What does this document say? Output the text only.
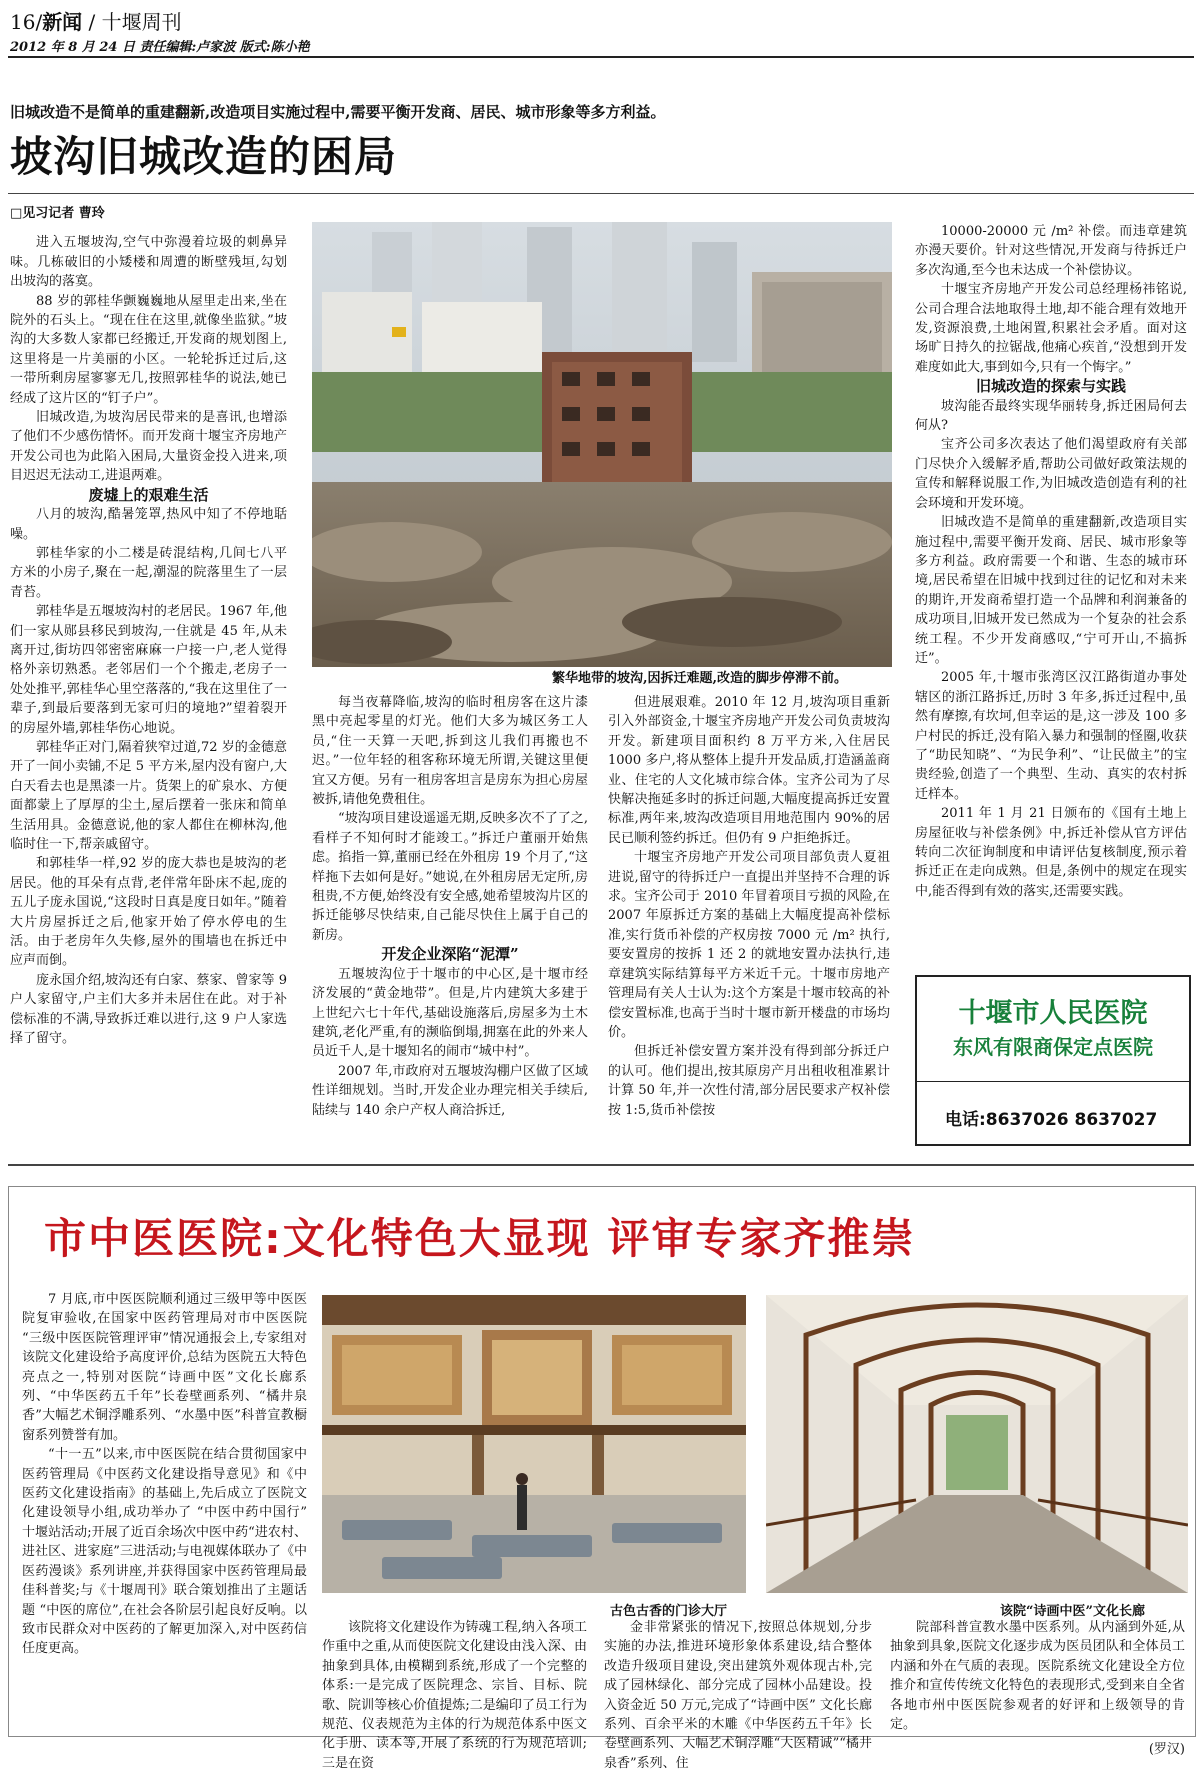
16/新闻 / 十堰周刊
2012 年 8 月 24 日 责任编辑:卢家波 版式:陈小艳
旧城改造不是简单的重建翻新,改造项目实施过程中,需要平衡开发商、居民、城市形象等多方利益。
坡沟旧城改造的困局

□见习记者 曹玲

进入五堰坡沟,空气中弥漫着垃圾的刺鼻异味。几栋破旧的小矮楼和周遭的断壁残垣,勾划出坡沟的落寞。

88 岁的郭桂华颤巍巍地从屋里走出来,坐在院外的石头上。“现在住在这里,就像坐监狱。”坡沟的大多数人家都已经搬迁,开发商的规划图上,这里将是一片美丽的小区。一轮轮拆迁过后,这一带所剩房屋寥寥无几,按照郭桂华的说法,她已经成了这片区的“钉子户”。

旧城改造,为坡沟居民带来的是喜讯,也增添了他们不少感伤情怀。而开发商十堰宝齐房地产开发公司也为此陷入困局,大量资金投入进来,项目迟迟无法动工,进退两难。

废墟上的艰难生活

八月的坡沟,酷暑笼罩,热风中知了不停地聒噪。

郭桂华家的小二楼是砖混结构,几间七八平方米的小房子,聚在一起,潮湿的院落里生了一层青苔。

郭桂华是五堰坡沟村的老居民。1967 年,他们一家从郧县移民到坡沟,一住就是 45 年,从未离开过,街坊四邻密密麻麻一户接一户,老人觉得格外亲切熟悉。老邻居们一个个搬走,老房子一处处推平,郭桂华心里空落落的,“我在这里住了一辈子,到最后要落到无家可归的境地?”望着裂开的房屋外墙,郭桂华伤心地说。

郭桂华正对门,隔着狭窄过道,72 岁的金德意开了一间小卖铺,不足 5 平方米,屋内没有窗户,大白天看去也是黑漆一片。货架上的矿泉水、方便面都蒙上了厚厚的尘土,屋后摆着一张床和简单生活用具。金德意说,他的家人都住在柳林沟,他临时住一下,帮亲戚留守。

和郭桂华一样,92 岁的庞大恭也是坡沟的老居民。他的耳朵有点背,老伴常年卧床不起,庞的五儿子庞永国说,“这段时日真是度日如年。”随着大片房屋拆迁之后,他家开始了停水停电的生活。由于老房年久失修,屋外的围墙也在拆迁中应声而倒。

庞永国介绍,坡沟还有白家、蔡家、曾家等 9 户人家留守,户主们大多并未居住在此。对于补偿标准的不满,导致拆迁难以进行,这 9 户人家选择了留守。

繁华地带的坡沟,因拆迁难题,改造的脚步停滞不前。

每当夜幕降临,坡沟的临时租房客在这片漆黑中亮起零星的灯光。他们大多为城区务工人员,“住一天算一天吧,拆到这儿我们再搬也不迟。”一位年轻的租客称环境无所谓,关键这里便宜又方便。另有一租房客坦言是房东为担心房屋被拆,请他免费租住。

“坡沟项目建设遥遥无期,反映多次不了了之,看样子不知何时才能竣工。”拆迁户董丽开始焦虑。掐指一算,董丽已经在外租房 19 个月了,“这样拖下去如何是好。”她说,在外租房居无定所,房租贵,不方便,始终没有安全感,她希望坡沟片区的拆迁能够尽快结束,自己能尽快住上属于自己的新房。

开发企业深陷“泥潭”

五堰坡沟位于十堰市的中心区,是十堰市经济发展的“黄金地带”。但是,片内建筑大多建于上世纪六七十年代,基础设施落后,房屋多为土木建筑,老化严重,有的濒临倒塌,拥塞在此的外来人员近千人,是十堰知名的闹市“城中村”。

2007 年,市政府对五堰坡沟棚户区做了区域性详细规划。当时,开发企业办理完相关手续后,陆续与 140 余户产权人商洽拆迁,

但进展艰难。2010 年 12 月,坡沟项目重新引入外部资金,十堰宝齐房地产开发公司负责坡沟开发。新建项目面积约 8 万平方米,入住居民 1000 多户,将从整体上提升开发品质,打造涵盖商业、住宅的人文化城市综合体。宝齐公司为了尽快解决拖延多时的拆迁问题,大幅度提高拆迁安置标准,两年来,坡沟改造项目用地范围内 90%的居民已顺利签约拆迁。但仍有 9 户拒绝拆迁。

十堰宝齐房地产开发公司项目部负责人夏祖进说,留守的待拆迁户一直提出并坚持不合理的诉求。宝齐公司于 2010 年冒着项目亏损的风险,在 2007 年原拆迁方案的基础上大幅度提高补偿标准,实行货币补偿的产权房按 7000 元 /m² 执行,要安置房的按拆 1 还 2 的就地安置办法执行,违章建筑实际结算每平方米近千元。十堰市房地产管理局有关人士认为:这个方案是十堰市较高的补偿安置标准,也高于当时十堰市新开楼盘的市场均价。

但拆迁补偿安置方案并没有得到部分拆迁户的认可。他们提出,按其原房产月出租收租准累计计算 50 年,并一次性付清,部分居民要求产权补偿按 1:5,货币补偿按

10000-20000 元 /m² 补偿。而违章建筑亦漫天要价。针对这些情况,开发商与待拆迁户多次沟通,至今也未达成一个补偿协议。

十堰宝齐房地产开发公司总经理杨祎铭说,公司合理合法地取得土地,却不能合理有效地开发,资源浪费,土地闲置,积累社会矛盾。面对这场旷日持久的拉锯战,他痛心疾首,“没想到开发难度如此大,事到如今,只有一个悔字。”

旧城改造的探索与实践

坡沟能否最终实现华丽转身,拆迁困局何去何从?

宝齐公司多次表达了他们渴望政府有关部门尽快介入缓解矛盾,帮助公司做好政策法规的宣传和解释说服工作,为旧城改造创造有利的社会环境和开发环境。

旧城改造不是简单的重建翻新,改造项目实施过程中,需要平衡开发商、居民、城市形象等多方利益。政府需要一个和谐、生态的城市环境,居民希望在旧城中找到过往的记忆和对未来的期许,开发商希望打造一个品牌和利润兼备的成功项目,旧城开发已然成为一个复杂的社会系统工程。不少开发商感叹,“宁可开山,不搞拆迁”。

2005 年,十堰市张湾区汉江路街道办事处辖区的浙江路拆迁,历时 3 年多,拆迁过程中,虽然有摩擦,有坎坷,但幸运的是,这一涉及 100 多户村民的拆迁,没有陷入暴力和强制的怪圈,收获了“助民知晓”、“为民争利”、“让民做主”的宝贵经验,创造了一个典型、生动、真实的农村拆迁样本。

2011 年 1 月 21 日颁布的《国有土地上房屋征收与补偿条例》中,拆迁补偿从官方评估转向二次征询制度和申请评估复核制度,预示着拆迁正在走向成熟。但是,条例中的规定在现实中,能否得到有效的落实,还需要实践。

十堰市人民医院
东风有限商保定点医院
电话:8637026 8637027
市中医医院:文化特色大显现 评审专家齐推崇

7 月底,市中医医院顺利通过三级甲等中医医院复审验收,在国家中医药管理局对市中医医院 “三级中医医院管理评审”情况通报会上,专家组对该院文化建设给予高度评价,总结为医院五大特色亮点之一,特别对医院“诗画中医”文化长廊系列、“中华医药五千年”长卷壁画系列、“橘井泉香”大幅艺术铜浮雕系列、“水墨中医”科普宣教橱窗系列赞誉有加。

“十一五”以来,市中医医院在结合贯彻国家中医药管理局《中医药文化建设指导意见》和《中医药文化建设指南》的基础上,先后成立了医院文化建设领导小组,成功举办了 “中医中药中国行” 十堰站活动;开展了近百余场次中医中药“进农村、进社区、进家庭”三进活动;与电视媒体联办了《中医药漫谈》系列讲座,并获得国家中医药管理局最佳科普奖;与《十堰周刊》联合策划推出了主题话题 “中医的席位”,在社会各阶层引起良好反响。以致市民群众对中医药的了解更加深入,对中医药信任度更高。

古色古香的门诊大厅	该院“诗画中医”文化长廊

该院将文化建设作为铸魂工程,纳入各项工作重中之重,从而使医院文化建设由浅入深、由抽象到具体,由模糊到系统,形成了一个完整的体系:一是完成了医院理念、宗旨、目标、院歌、院训等核心价值提炼;二是编印了员工行为规范、仪表规范为主体的行为规范体系中医文化手册、读本等,开展了系统的行为规范培训;三是在资

金非常紧张的情况下,按照总体规划,分步实施的办法,推进环境形象体系建设,结合整体改造升级项目建设,突出建筑外观体现古朴,完成了园林绿化、部分完成了园林小品建设。投入资金近 50 万元,完成了“诗画中医” 文化长廊系列、百余平米的木雕《中华医药五千年》长卷壁画系列、大幅艺术铜浮雕“大医精诚”“橘井泉香”系列、住

院部科普宣教水墨中医系列。从内涵到外延,从抽象到具象,医院文化逐步成为医员团队和全体员工内涵和外在气质的表现。医院系统文化建设全方位推介和宣传传统文化特色的表现形式,受到来自全省各地市州中医医院参观者的好评和上级领导的肯定。

(罗汉)
